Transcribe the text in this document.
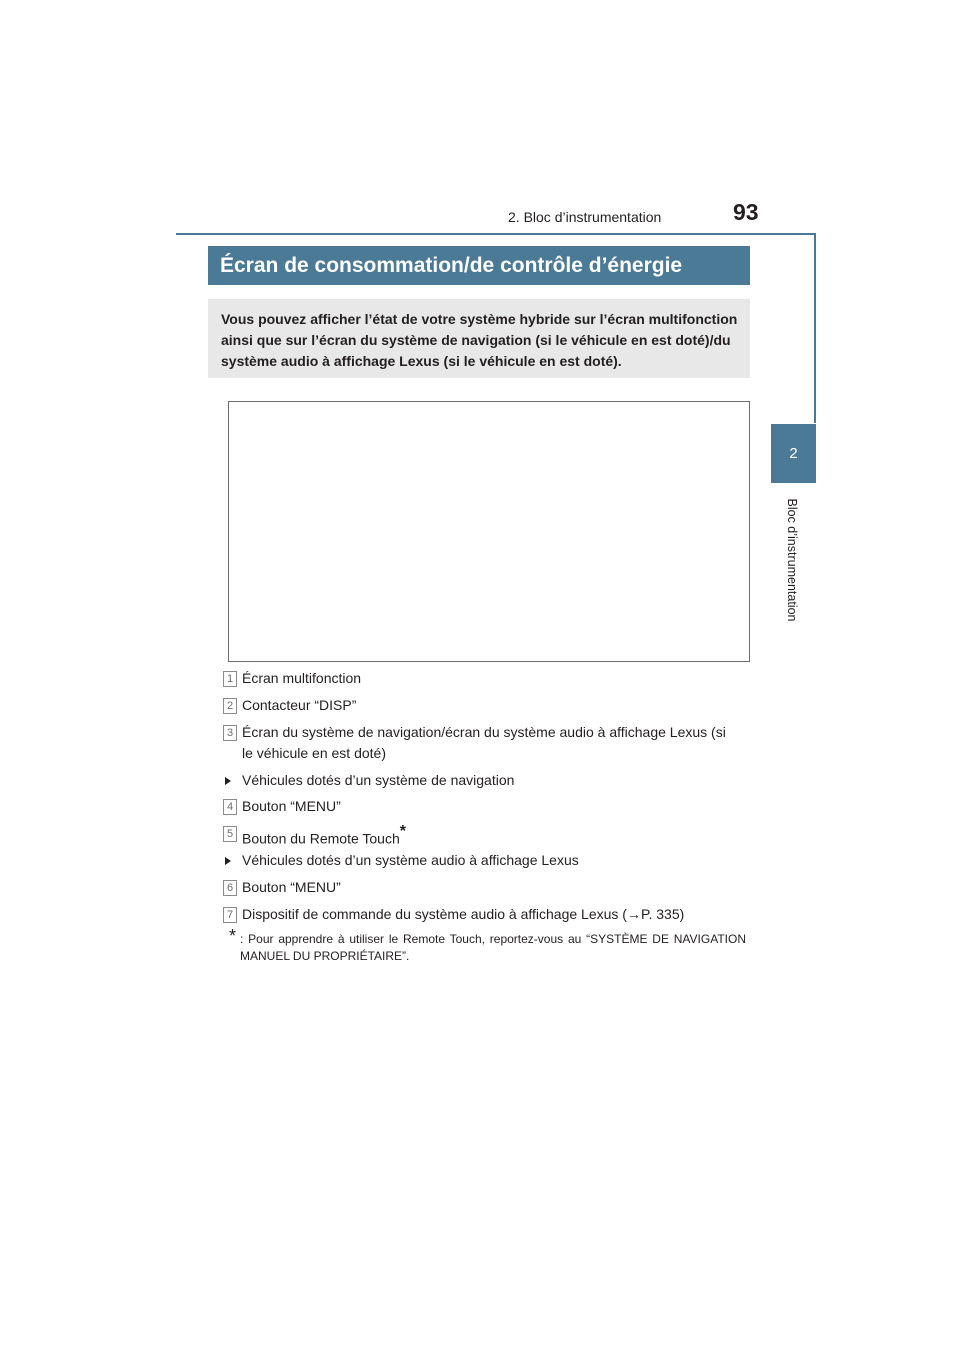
2. Bloc d’instrumentation	93
2
Bloc d’instrumentation
Écran de consommation/de contrôle d’énergie
Vous pouvez afficher l’état de votre système hybride sur l’écran multifonction
ainsi que sur l’écran du système de navigation (si le véhicule en est doté)/du
système audio à affichage Lexus (si le véhicule en est doté).
1 Écran multifonction
2 Contacteur “DISP”
3 Écran du système de navigation/écran du système audio à affichage Lexus (si
le véhicule en est doté)
Véhicules dotés d’un système de navigation
4 Bouton “MENU”
5 Bouton du Remote Touch*
Véhicules dotés d’un système audio à affichage Lexus
6 Bouton “MENU”
7 Dispositif de commande du système audio à affichage Lexus (→P. 335)
* : Pour apprendre à utiliser le Remote Touch, reportez-vous au “SYSTÈME DE NAVIGATION MANUEL DU PROPRIÉTAIRE”.
